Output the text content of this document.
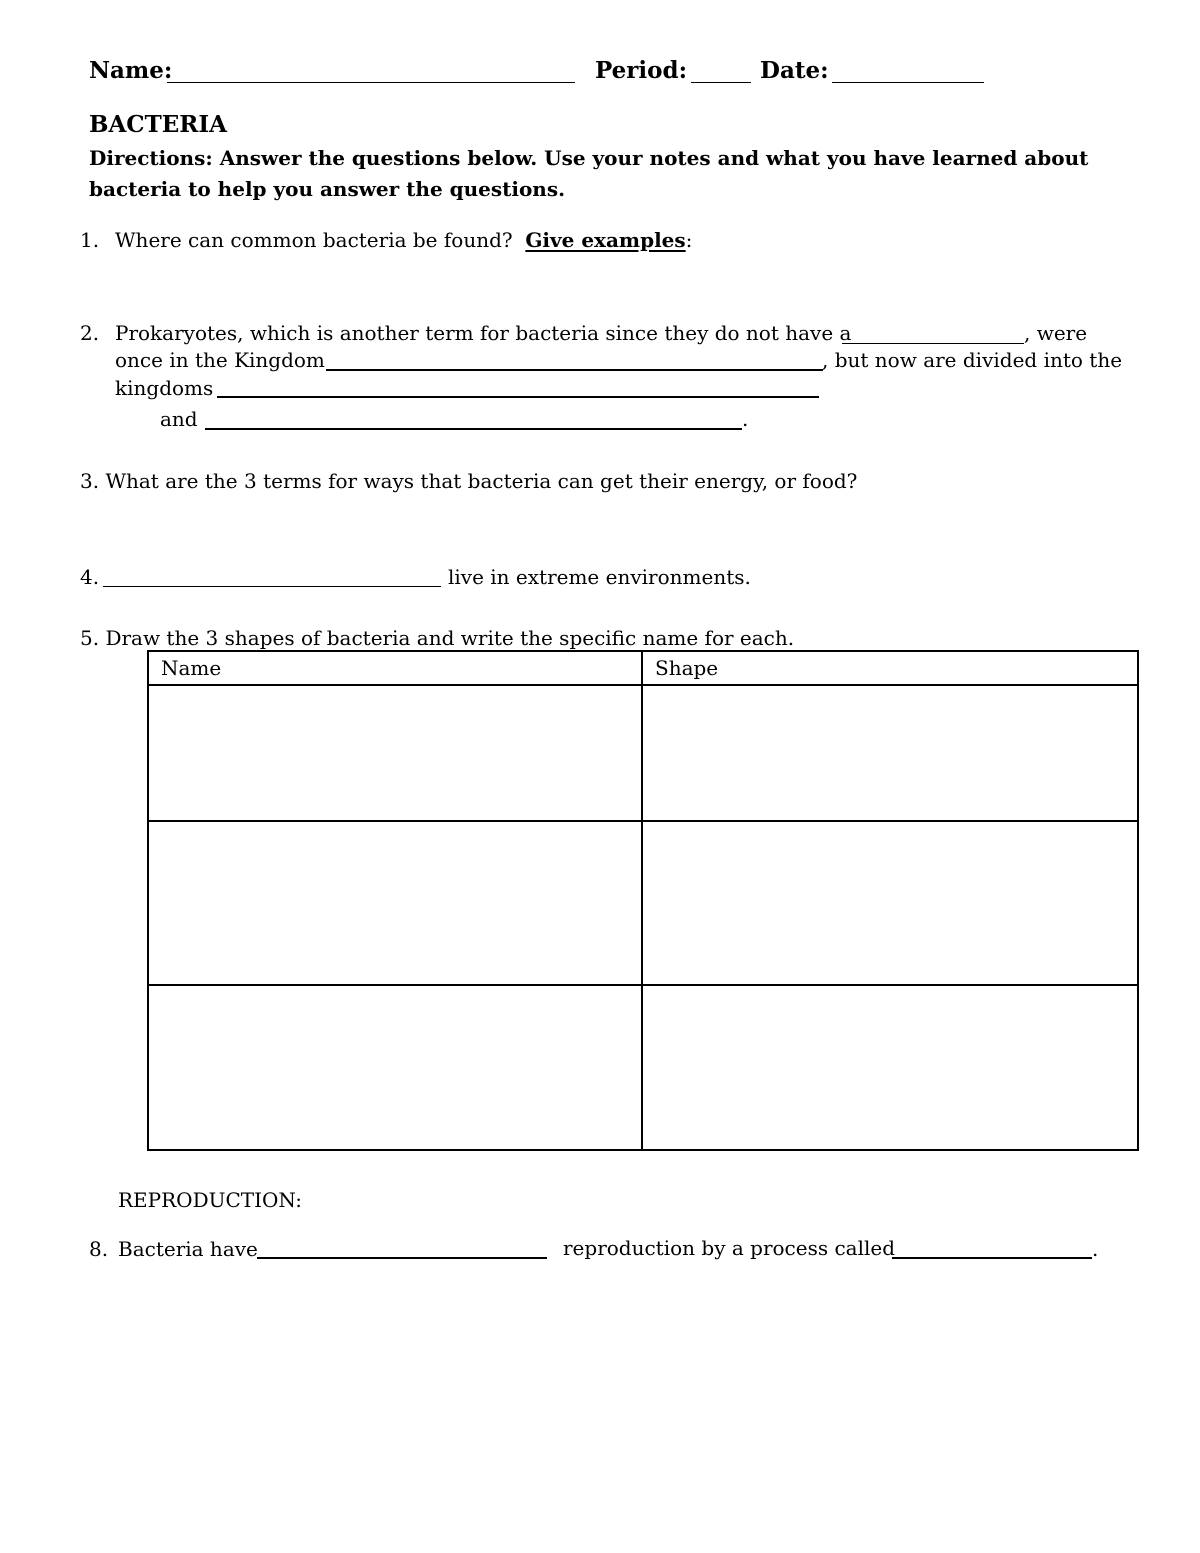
Name:	Period:	Date:
BACTERIA
Directions: Answer the questions below. Use your notes and what you have learned about
bacteria to help you answer the questions.
1. Where can common bacteria be found? Give examples:
2. Prokaryotes, which is another term for bacteria since they do not have a	, were
once in the Kingdom	, but now are divided into the
kingdoms
and	.
3. What are the 3 terms for ways that bacteria can get their energy, or food?
4.	live in extreme environments.
5. Draw the 3 shapes of bacteria and write the specific name for each.
Name	Shape

REPRODUCTION:
8. Bacteria have	reproduction by a process called	.
